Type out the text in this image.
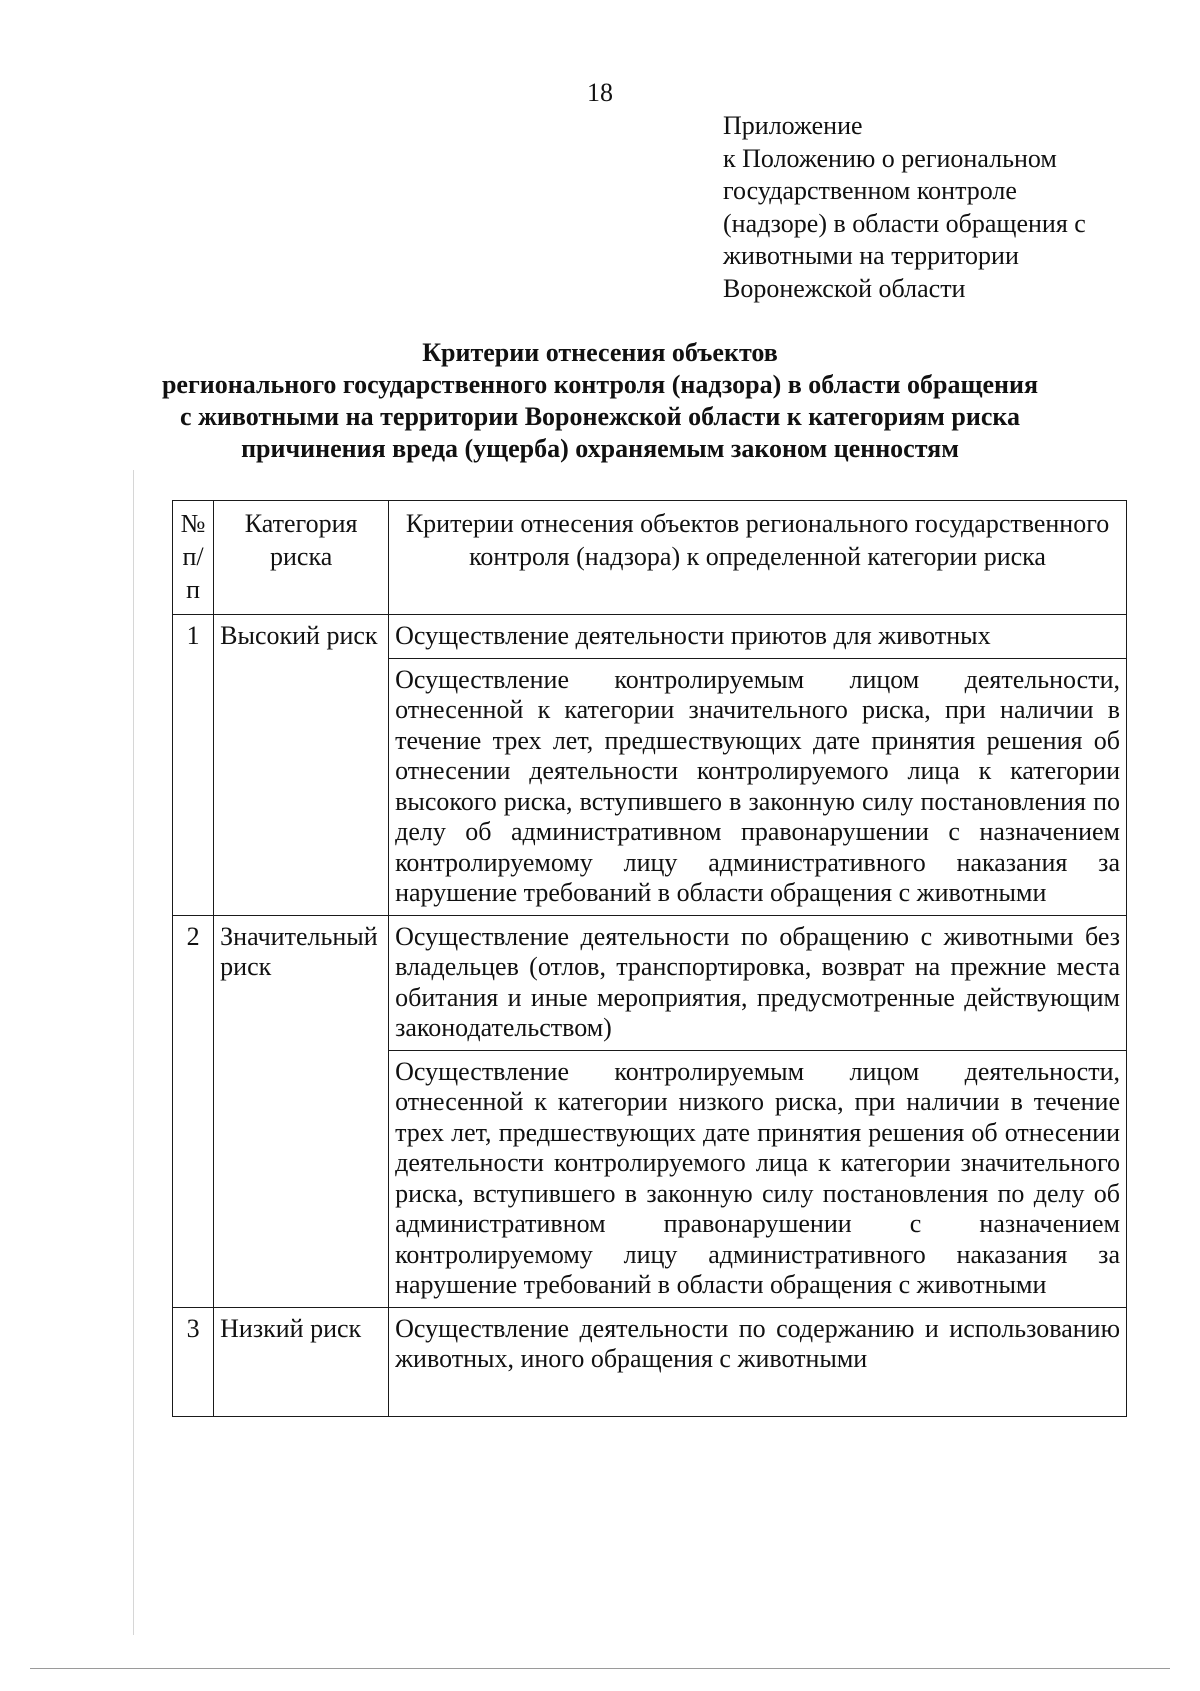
18
Приложение
к Положению о региональном
государственном контроле
(надзоре) в области обращения с
животными на территории
Воронежской области
Критерии отнесения объектов
регионального государственного контроля (надзора) в области обращения
с животными на территории Воронежской области к категориям риска
причинения вреда (ущерба) охраняемым законом ценностям
№ п/п	Категория риска	Критерии отнесения объектов регионального государственного контроля (надзора) к определенной категории риска
1	Высокий риск	Осуществление деятельности приютов для животных
		Осуществление контролируемым лицом деятельности, отнесенной к категории значительного риска, при наличии в течение трех лет, предшествующих дате принятия решения об отнесении деятельности контролируемого лица к категории высокого риска, вступившего в законную силу постановления по делу об административном правонарушении с назначением контролируемому лицу административного наказания за нарушение требований в области обращения с животными
2	Значительный риск	Осуществление деятельности по обращению с животными без владельцев (отлов, транспортировка, возврат на прежние места обитания и иные мероприятия, предусмотренные действующим законодательством)
		Осуществление контролируемым лицом деятельности, отнесенной к категории низкого риска, при наличии в течение трех лет, предшествующих дате принятия решения об отнесении деятельности контролируемого лица к категории значительного риска, вступившего в законную силу постановления по делу об административном правонарушении с назначением контролируемому лицу административного наказания за нарушение требований в области обращения с животными
3	Низкий риск	Осуществление деятельности по содержанию и использованию животных, иного обращения с животными
